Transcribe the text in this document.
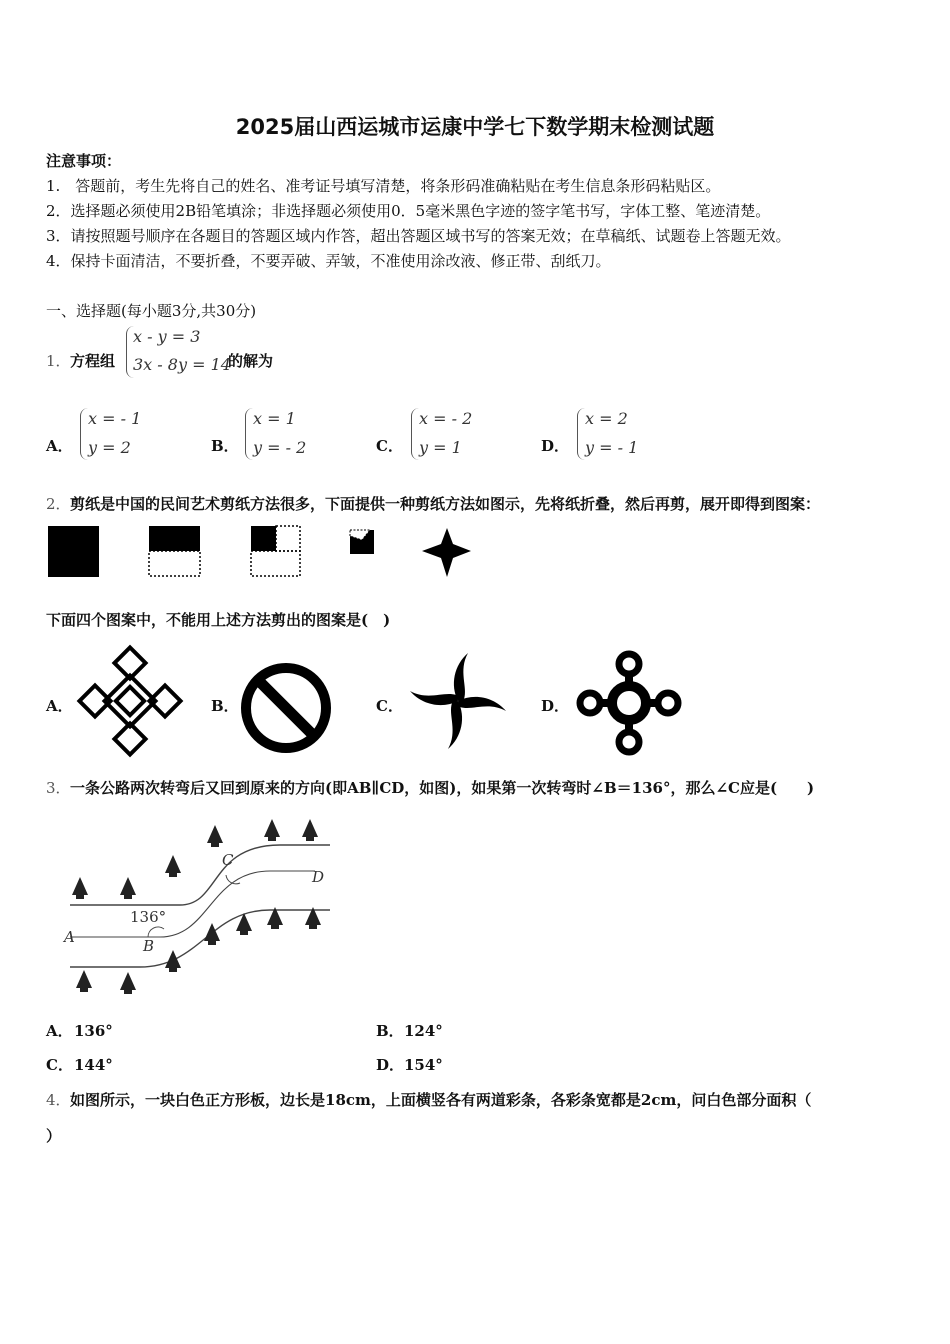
2025届山西运城市运康中学七下数学期末检测试题
注意事项：
1.　答题前，考生先将自己的姓名、准考证号填写清楚，将条形码准确粘贴在考生信息条形码粘贴区。
2．选择题必须使用2B铅笔填涂；非选择题必须使用0．5毫米黑色字迹的签字笔书写，字体工整、笔迹清楚。
3．请按照题号顺序在各题目的答题区域内作答，超出答题区域书写的答案无效；在草稿纸、试题卷上答题无效。
4．保持卡面清洁，不要折叠，不要弄破、弄皱，不准使用涂改液、修正带、刮纸刀。
一、选择题(每小题3分,共30分)
1． 方程组
x - y = 3
3x - 8y = 14
的解为
A．
x = - 1
y = 2	B．
x = 1
y = - 2	C．
x = - 2
y = 1	D．
x = 2
y = - 1
2． 剪纸是中国的民间艺术剪纸方法很多，下面提供一种剪纸方法如图示，先将纸折叠，然后再剪，展开即得到图案：
下面四个图案中，不能用上述方法剪出的图案是(　)
A．	B．	C．	D．
3． 一条公路两次转弯后又回到原来的方向(即AB∥CD，如图)，如果第一次转弯时∠B＝136°，那么∠C应是(　　)
136°
A	B
C
D
A． 136°	B． 124°
C． 144°	D． 154°
4． 如图所示，一块白色正方形板，边长是18cm，上面横竖各有两道彩条，各彩条宽都是2cm，问白色部分面积（
）
